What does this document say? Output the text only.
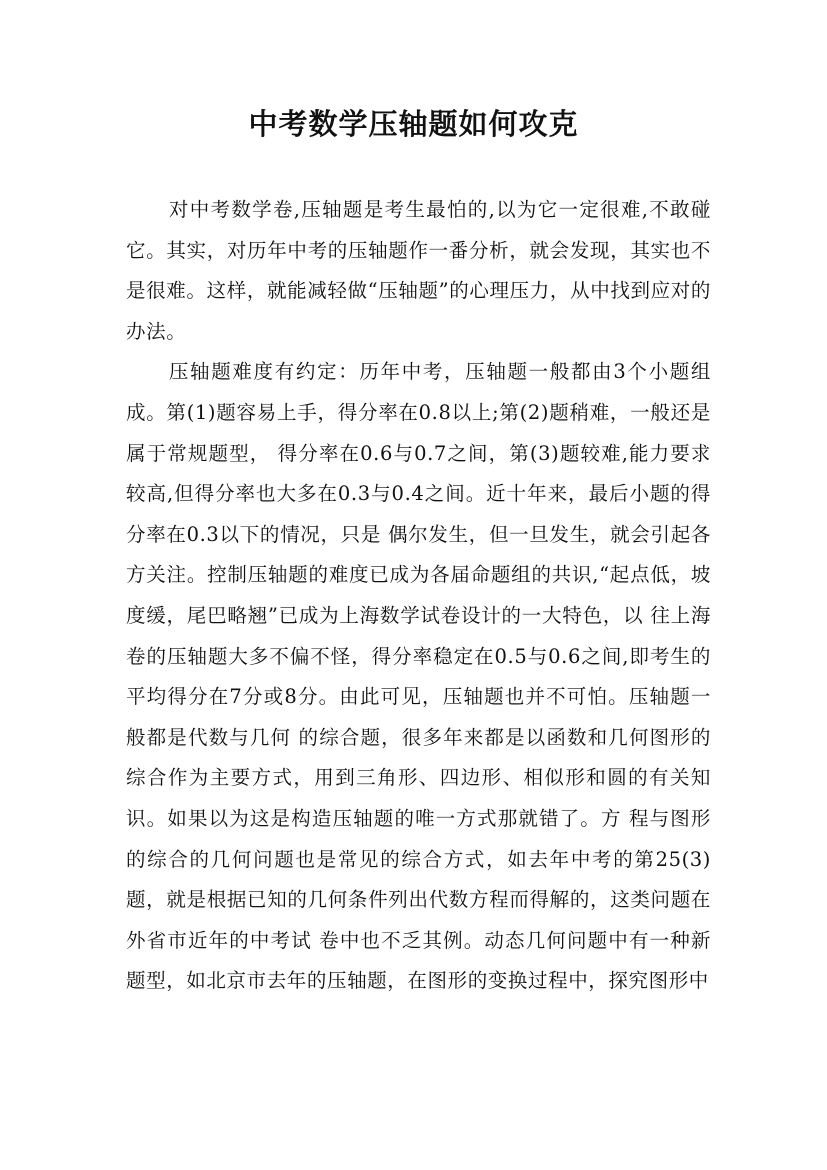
中考数学压轴题如何攻克

对中考数学卷,压轴题是考生最怕的,以为它一定很难,不敢碰它。其实，对历年中考的压轴题作一番分析，就会发现，其实也不是很难。这样，就能减轻做“压轴题”的心理压力，从中找到应对的办法。

压轴题难度有约定：历年中考，压轴题一般都由3个小题组成。第(1)题容易上手，得分率在0.8以上;第(2)题稍难，一般还是属于常规题型， 得分率在0.6与0.7之间，第(3)题较难,能力要求较高,但得分率也大多在0.3与0.4之间。近十年来，最后小题的得分率在0.3以下的情况，只是 偶尔发生，但一旦发生，就会引起各方关注。控制压轴题的难度已成为各届命题组的共识,“起点低，坡度缓，尾巴略翘”已成为上海数学试卷设计的一大特色，以 往上海卷的压轴题大多不偏不怪，得分率稳定在0.5与0.6之间,即考生的平均得分在7分或8分。由此可见，压轴题也并不可怕。压轴题一般都是代数与几何 的综合题，很多年来都是以函数和几何图形的综合作为主要方式，用到三角形、四边形、相似形和圆的有关知识。如果以为这是构造压轴题的唯一方式那就错了。方 程与图形的综合的几何问题也是常见的综合方式，如去年中考的第25(3)题，就是根据已知的几何条件列出代数方程而得解的，这类问题在外省市近年的中考试 卷中也不乏其例。动态几何问题中有一种新题型，如北京市去年的压轴题，在图形的变换过程中，探究图形中
